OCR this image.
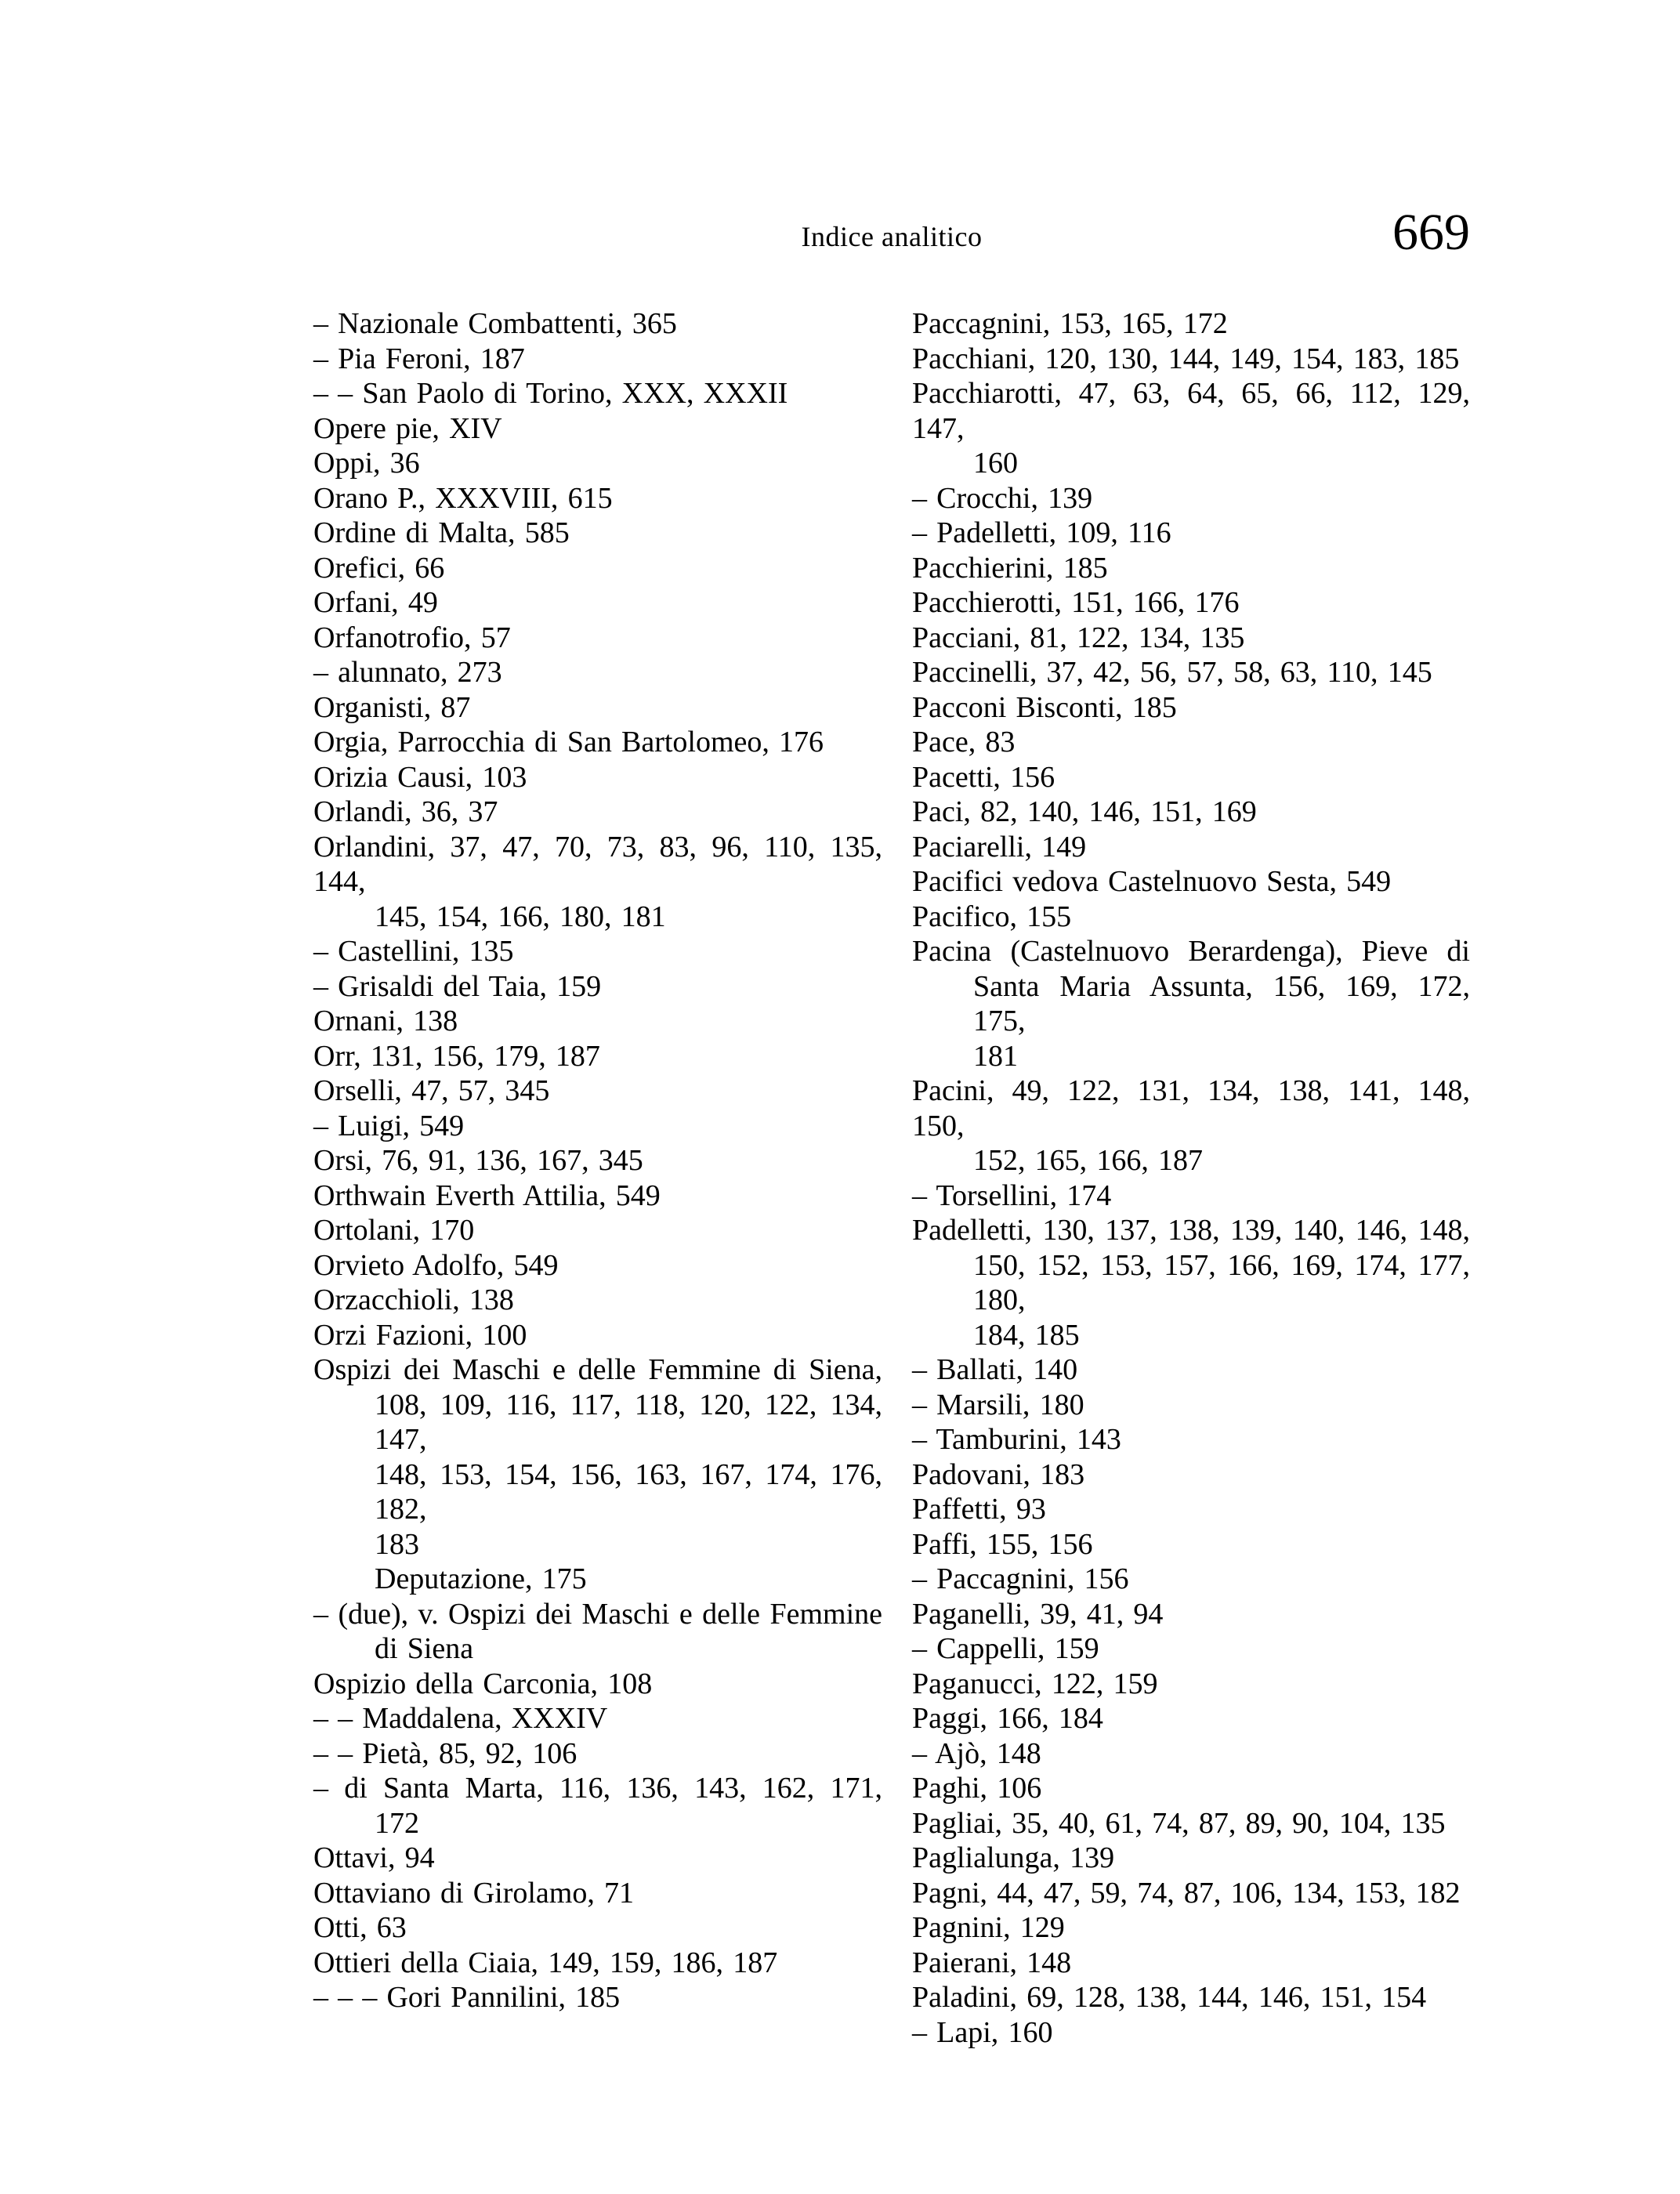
Indice analitico	669
– Nazionale Combattenti, 365
– Pia Feroni, 187
– – San Paolo di Torino, XXX, XXXII
Opere pie, XIV
Oppi, 36
Orano P., XXXVIII, 615
Ordine di Malta, 585
Orefici, 66
Orfani, 49
Orfanotrofio, 57
– alunnato, 273
Organisti, 87
Orgia, Parrocchia di San Bartolomeo, 176
Orizia Causi, 103
Orlandi, 36, 37
Orlandini, 37, 47, 70, 73, 83, 96, 110, 135, 144,
145, 154, 166, 180, 181
– Castellini, 135
– Grisaldi del Taia, 159
Ornani, 138
Orr, 131, 156, 179, 187
Orselli, 47, 57, 345
– Luigi, 549
Orsi, 76, 91, 136, 167, 345
Orthwain Everth Attilia, 549
Ortolani, 170
Orvieto Adolfo, 549
Orzacchioli, 138
Orzi Fazioni, 100
Ospizi dei Maschi e delle Femmine di Siena,
108, 109, 116, 117, 118, 120, 122, 134, 147,
148, 153, 154, 156, 163, 167, 174, 176, 182,
183
Deputazione, 175
– (due), v. Ospizi dei Maschi e delle Femmine
di Siena
Ospizio della Carconia, 108
– – Maddalena, XXXIV
– – Pietà, 85, 92, 106
– di Santa Marta, 116, 136, 143, 162, 171,
172
Ottavi, 94
Ottaviano di Girolamo, 71
Otti, 63
Ottieri della Ciaia, 149, 159, 186, 187
– – – Gori Pannilini, 185
Paccagnini, 153, 165, 172
Pacchiani, 120, 130, 144, 149, 154, 183, 185
Pacchiarotti, 47, 63, 64, 65, 66, 112, 129, 147,
160
– Crocchi, 139
– Padelletti, 109, 116
Pacchierini, 185
Pacchierotti, 151, 166, 176
Pacciani, 81, 122, 134, 135
Paccinelli, 37, 42, 56, 57, 58, 63, 110, 145
Pacconi Bisconti, 185
Pace, 83
Pacetti, 156
Paci, 82, 140, 146, 151, 169
Paciarelli, 149
Pacifici vedova Castelnuovo Sesta, 549
Pacifico, 155
Pacina (Castelnuovo Berardenga), Pieve di
Santa Maria Assunta, 156, 169, 172, 175,
181
Pacini, 49, 122, 131, 134, 138, 141, 148, 150,
152, 165, 166, 187
– Torsellini, 174
Padelletti, 130, 137, 138, 139, 140, 146, 148,
150, 152, 153, 157, 166, 169, 174, 177, 180,
184, 185
– Ballati, 140
– Marsili, 180
– Tamburini, 143
Padovani, 183
Paffetti, 93
Paffi, 155, 156
– Paccagnini, 156
Paganelli, 39, 41, 94
– Cappelli, 159
Paganucci, 122, 159
Paggi, 166, 184
– Ajò, 148
Paghi, 106
Pagliai, 35, 40, 61, 74, 87, 89, 90, 104, 135
Paglialunga, 139
Pagni, 44, 47, 59, 74, 87, 106, 134, 153, 182
Pagnini, 129
Paierani, 148
Paladini, 69, 128, 138, 144, 146, 151, 154
– Lapi, 160
